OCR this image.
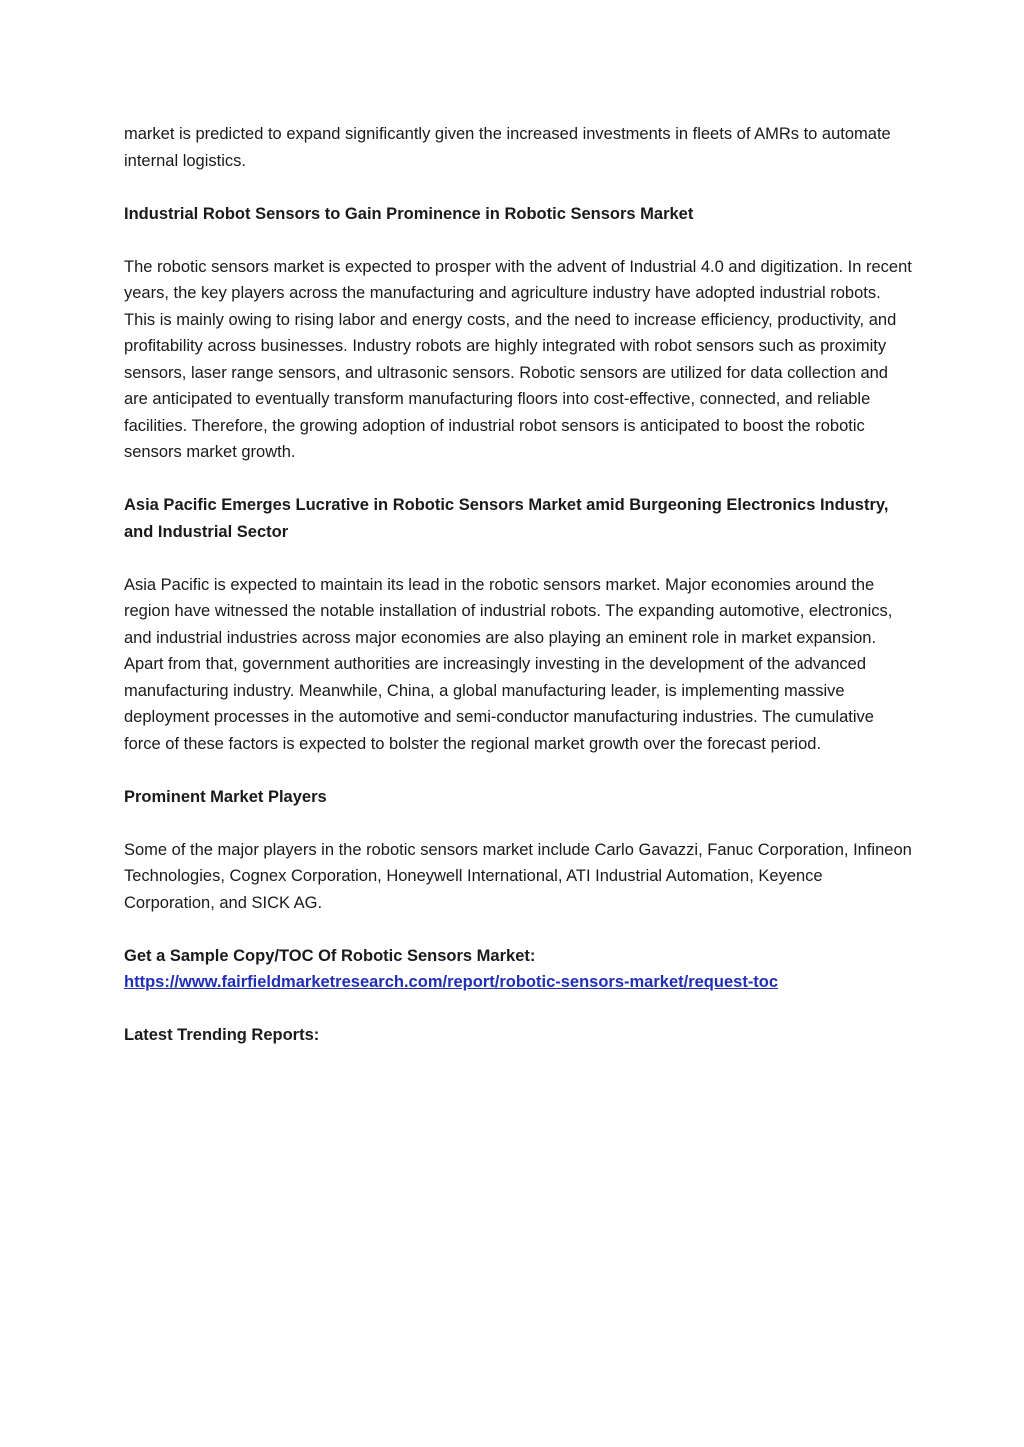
market is predicted to expand significantly given the increased investments in fleets of AMRs to automate internal logistics.

Industrial Robot Sensors to Gain Prominence in Robotic Sensors Market

The robotic sensors market is expected to prosper with the advent of Industrial 4.0 and digitization. In recent years, the key players across the manufacturing and agriculture industry have adopted industrial robots. This is mainly owing to rising labor and energy costs, and the need to increase efficiency, productivity, and profitability across businesses. Industry robots are highly integrated with robot sensors such as proximity sensors, laser range sensors, and ultrasonic sensors. Robotic sensors are utilized for data collection and are anticipated to eventually transform manufacturing floors into cost-effective, connected, and reliable facilities. Therefore, the growing adoption of industrial robot sensors is anticipated to boost the robotic sensors market growth.

Asia Pacific Emerges Lucrative in Robotic Sensors Market amid Burgeoning Electronics Industry, and Industrial Sector

Asia Pacific is expected to maintain its lead in the robotic sensors market. Major economies around the region have witnessed the notable installation of industrial robots. The expanding automotive, electronics, and industrial industries across major economies are also playing an eminent role in market expansion. Apart from that, government authorities are increasingly investing in the development of the advanced manufacturing industry. Meanwhile, China, a global manufacturing leader, is implementing massive deployment processes in the automotive and semi-conductor manufacturing industries. The cumulative force of these factors is expected to bolster the regional market growth over the forecast period.

Prominent Market Players

Some of the major players in the robotic sensors market include Carlo Gavazzi, Fanuc Corporation, Infineon Technologies, Cognex Corporation, Honeywell International, ATI Industrial Automation, Keyence Corporation, and SICK AG.

Get a Sample Copy/TOC Of Robotic Sensors Market:
https://www.fairfieldmarketresearch.com/report/robotic-sensors-market/request-toc

Latest Trending Reports:
